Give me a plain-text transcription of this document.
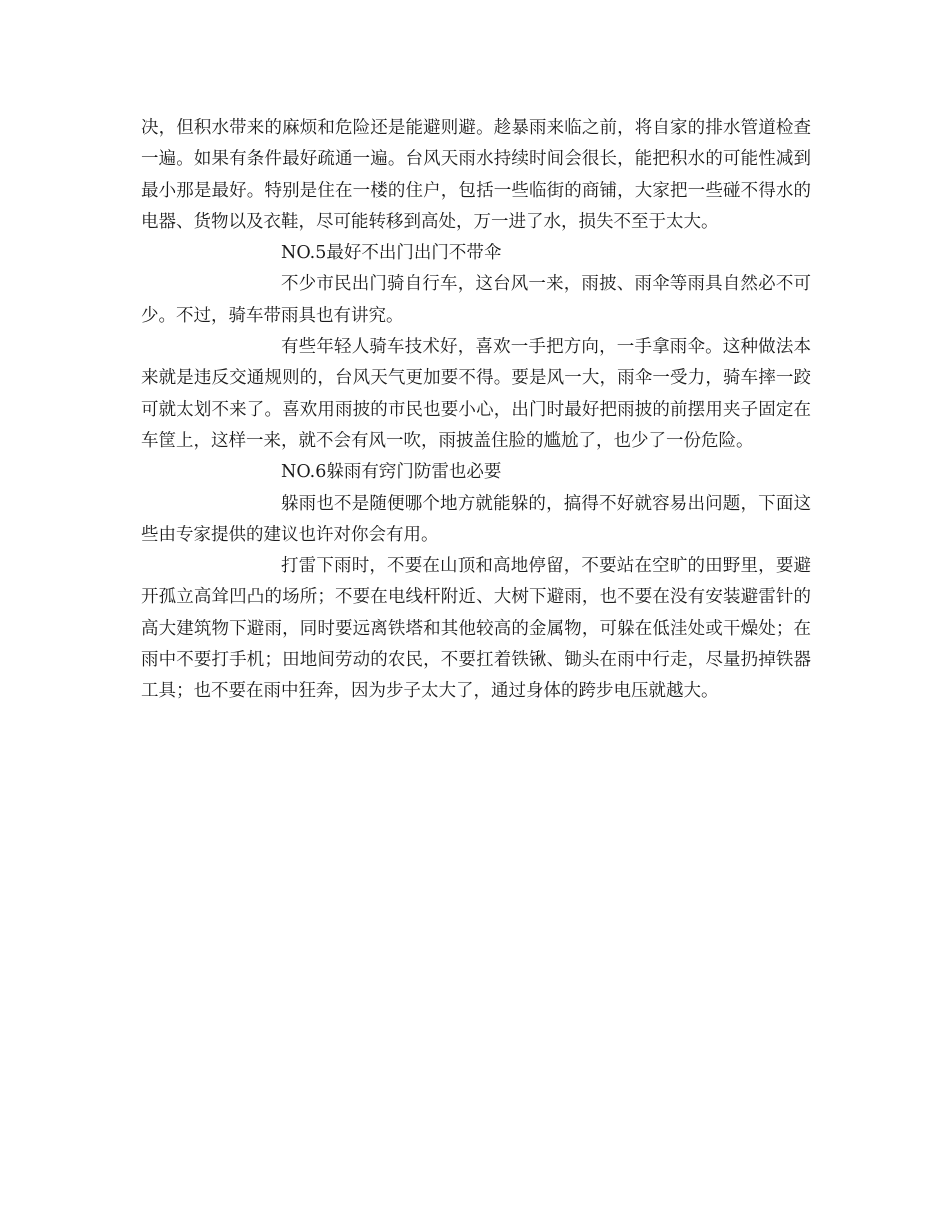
决，但积水带来的麻烦和危险还是能避则避。趁暴雨来临之前，将自家的排水管道检查一遍。如果有条件最好疏通一遍。台风天雨水持续时间会很长，能把积水的可能性减到最小那是最好。特别是住在一楼的住户，包括一些临街的商铺，大家把一些碰不得水的电器、货物以及衣鞋，尽可能转移到高处，万一进了水，损失不至于太大。

NO.5最好不出门出门不带伞

不少市民出门骑自行车，这台风一来，雨披、雨伞等雨具自然必不可少。不过，骑车带雨具也有讲究。

有些年轻人骑车技术好，喜欢一手把方向，一手拿雨伞。这种做法本来就是违反交通规则的，台风天气更加要不得。要是风一大，雨伞一受力，骑车摔一跤可就太划不来了。喜欢用雨披的市民也要小心，出门时最好把雨披的前摆用夹子固定在车筐上，这样一来，就不会有风一吹，雨披盖住脸的尴尬了，也少了一份危险。

NO.6躲雨有窍门防雷也必要

躲雨也不是随便哪个地方就能躲的，搞得不好就容易出问题，下面这些由专家提供的建议也许对你会有用。

打雷下雨时，不要在山顶和高地停留，不要站在空旷的田野里，要避开孤立高耸凹凸的场所；不要在电线杆附近、大树下避雨，也不要在没有安装避雷针的高大建筑物下避雨，同时要远离铁塔和其他较高的金属物，可躲在低洼处或干燥处；在雨中不要打手机；田地间劳动的农民，不要扛着铁锹、锄头在雨中行走，尽量扔掉铁器工具；也不要在雨中狂奔，因为步子太大了，通过身体的跨步电压就越大。
